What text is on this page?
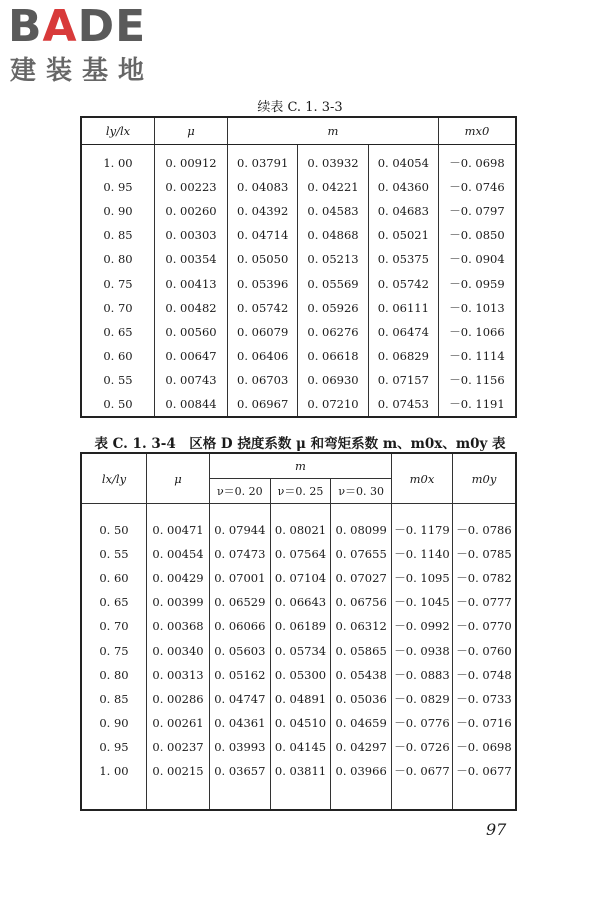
BADE
建装基地
续表 C. 1. 3-3
ly/lx	μ	m			mx0
1. 00	0. 00912	0. 03791	0. 03932	0. 04054	－0. 0698
0. 95	0. 00223	0. 04083	0. 04221	0. 04360	－0. 0746
0. 90	0. 00260	0. 04392	0. 04583	0. 04683	－0. 0797
0. 85	0. 00303	0. 04714	0. 04868	0. 05021	－0. 0850
0. 80	0. 00354	0. 05050	0. 05213	0. 05375	－0. 0904
0. 75	0. 00413	0. 05396	0. 05569	0. 05742	－0. 0959
0. 70	0. 00482	0. 05742	0. 05926	0. 06111	－0. 1013
0. 65	0. 00560	0. 06079	0. 06276	0. 06474	－0. 1066
0. 60	0. 00647	0. 06406	0. 06618	0. 06829	－0. 1114
0. 55	0. 00743	0. 06703	0. 06930	0. 07157	－0. 1156
0. 50	0. 00844	0. 06967	0. 07210	0. 07453	－0. 1191
表 C. 1. 3-4　区格 D 挠度系数 μ 和弯矩系数 m、m0x、m0y 表
lx/ly	μ	m			m0x	m0y
		ν＝0. 20	ν＝0. 25	ν＝0. 30		

0. 50	0. 00471	0. 07944	0. 08021	0. 08099	－0. 1179	－0. 0786
0. 55	0. 00454	0. 07473	0. 07564	0. 07655	－0. 1140	－0. 0785
0. 60	0. 00429	0. 07001	0. 07104	0. 07027	－0. 1095	－0. 0782
0. 65	0. 00399	0. 06529	0. 06643	0. 06756	－0. 1045	－0. 0777
0. 70	0. 00368	0. 06066	0. 06189	0. 06312	－0. 0992	－0. 0770
0. 75	0. 00340	0. 05603	0. 05734	0. 05865	－0. 0938	－0. 0760
0. 80	0. 00313	0. 05162	0. 05300	0. 05438	－0. 0883	－0. 0748
0. 85	0. 00286	0. 04747	0. 04891	0. 05036	－0. 0829	－0. 0733
0. 90	0. 00261	0. 04361	0. 04510	0. 04659	－0. 0776	－0. 0716
0. 95	0. 00237	0. 03993	0. 04145	0. 04297	－0. 0726	－0. 0698
1. 00	0. 00215	0. 03657	0. 03811	0. 03966	－0. 0677	－0. 0677

97
